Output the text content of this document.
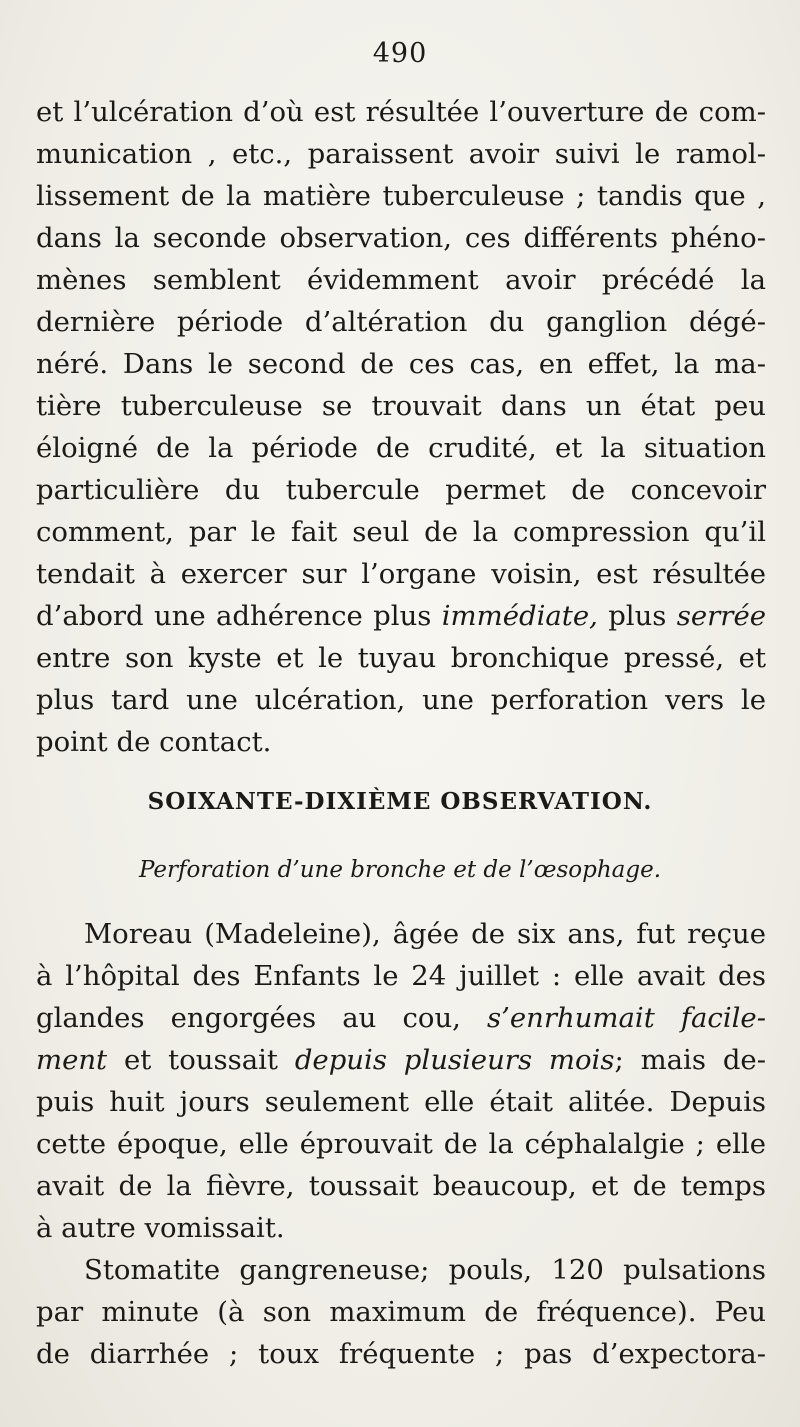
490
et l’ulcération d’où est résultée l’ouverture de com-
munication , etc., paraissent avoir suivi le ramol-
lissement de la matière tuberculeuse ; tandis que ,
dans la seconde observation, ces différents phéno-
mènes semblent évidemment avoir précédé la
dernière période d’altération du ganglion dégé-
néré. Dans le second de ces cas, en effet, la ma-
tière tuberculeuse se trouvait dans un état peu
éloigné de la période de crudité, et la situation
particulière du tubercule permet de concevoir
comment, par le fait seul de la compression qu’il
tendait à exercer sur l’organe voisin, est résultée
d’abord une adhérence plus immédiate, plus serrée
entre son kyste et le tuyau bronchique pressé, et
plus tard une ulcération, une perforation vers le
point de contact.
SOIXANTE-DIXIÈME OBSERVATION.
Perforation d’une bronche et de l’œsophage.
Moreau (Madeleine), âgée de six ans, fut reçue
à l’hôpital des Enfants le 24 juillet : elle avait des
glandes engorgées au cou, s’enrhumait facile-
ment et toussait depuis plusieurs mois; mais de-
puis huit jours seulement elle était alitée. Depuis
cette époque, elle éprouvait de la céphalalgie ; elle
avait de la fièvre, toussait beaucoup, et de temps
à autre vomissait.
Stomatite gangreneuse; pouls, 120 pulsations
par minute (à son maximum de fréquence). Peu
de diarrhée ; toux fréquente ; pas d’expectora-
